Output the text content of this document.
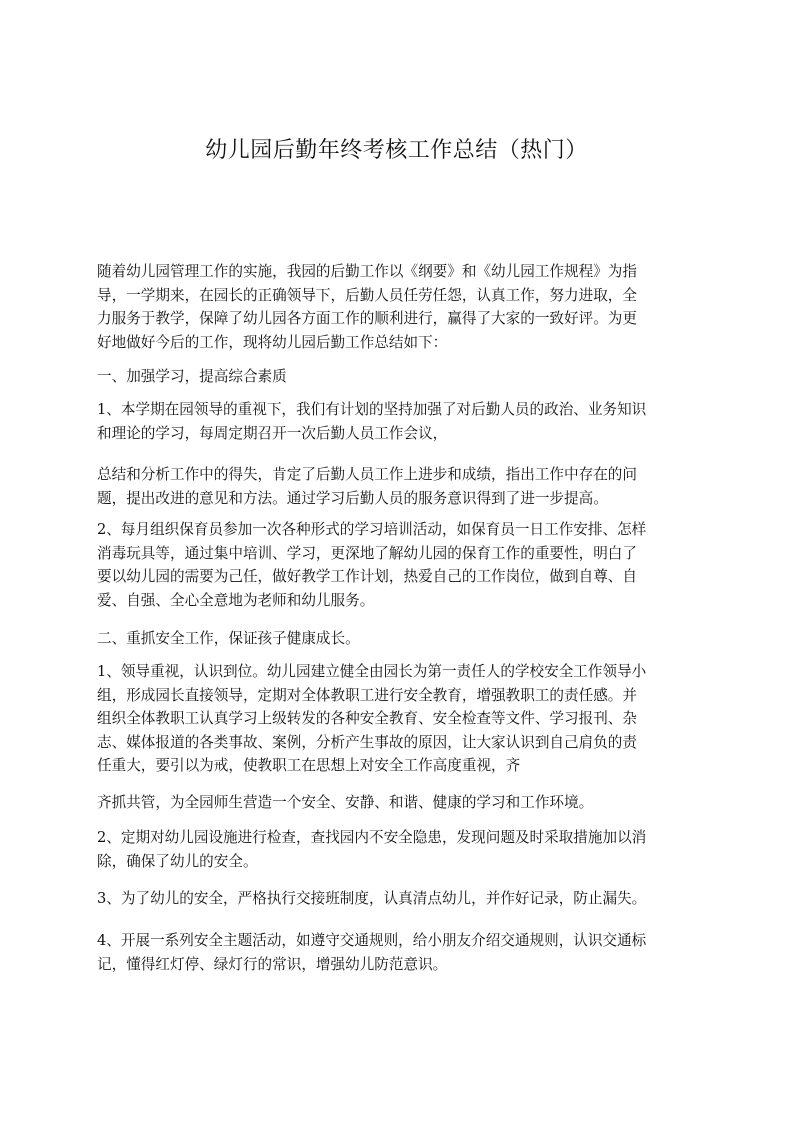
幼儿园后勤年终考核工作总结（热门）

随着幼儿园管理工作的实施，我园的后勤工作以《纲要》和《幼儿园工作规程》为指
导，一学期来，在园长的正确领导下，后勤人员任劳任怨，认真工作，努力进取，全
力服务于教学，保障了幼儿园各方面工作的顺利进行，赢得了大家的一致好评。为更
好地做好今后的工作，现将幼儿园后勤工作总结如下：

一、加强学习，提高综合素质

1、本学期在园领导的重视下，我们有计划的坚持加强了对后勤人员的政治、业务知识
和理论的学习，每周定期召开一次后勤人员工作会议，

总结和分析工作中的得失，肯定了后勤人员工作上进步和成绩，指出工作中存在的问
题，提出改进的意见和方法。通过学习后勤人员的服务意识得到了进一步提高。

2、每月组织保育员参加一次各种形式的学习培训活动，如保育员一日工作安排、怎样
消毒玩具等，通过集中培训、学习，更深地了解幼儿园的保育工作的重要性，明白了
要以幼儿园的需要为己任，做好教学工作计划，热爱自己的工作岗位，做到自尊、自
爱、自强、全心全意地为老师和幼儿服务。

二、重抓安全工作，保证孩子健康成长。

1、领导重视，认识到位。幼儿园建立健全由园长为第一责任人的学校安全工作领导小
组，形成园长直接领导，定期对全体教职工进行安全教育，增强教职工的责任感。并
组织全体教职工认真学习上级转发的各种安全教育、安全检查等文件、学习报刊、杂
志、媒体报道的各类事故、案例，分析产生事故的原因，让大家认识到自己肩负的责
任重大，要引以为戒，使教职工在思想上对安全工作高度重视，齐

齐抓共管，为全园师生营造一个安全、安静、和谐、健康的学习和工作环境。

2、定期对幼儿园设施进行检查，查找园内不安全隐患，发现问题及时采取措施加以消
除，确保了幼儿的安全。

3、为了幼儿的安全，严格执行交接班制度，认真清点幼儿，并作好记录，防止漏失。

4、开展一系列安全主题活动，如遵守交通规则，给小朋友介绍交通规则，认识交通标
记，懂得红灯停、绿灯行的常识，增强幼儿防范意识。
